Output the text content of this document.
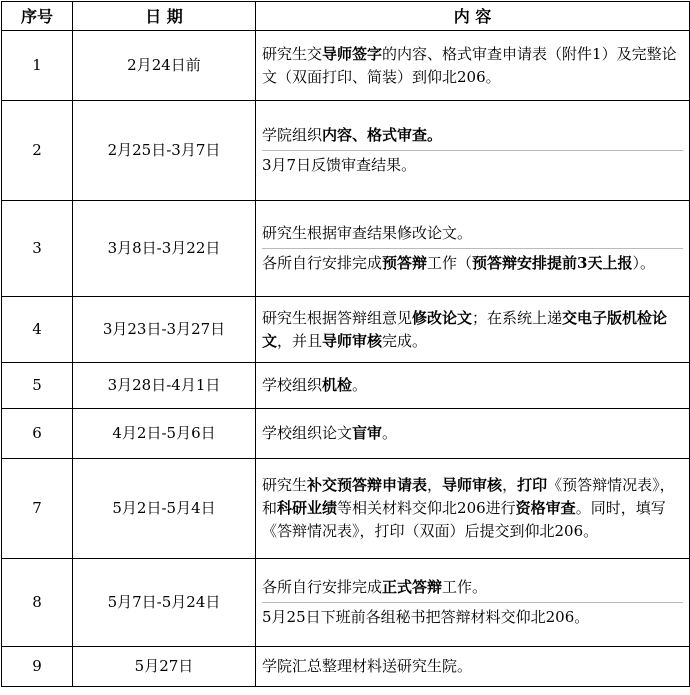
序号	日 期	内 容
1	2月24日前	研究生交导师签字的内容、格式审查申请表（附件1）及完整论文（双面打印、简装）到仰北206。

2	2月25日-3月7日	学院组织内容、格式审查。
3月7日反馈审查结果。

3	3月8日-3月22日	研究生根据审查结果修改论文。
各所自行安排完成预答辩工作（预答辩安排提前3天上报）。

4	3月23日-3月27日	研究生根据答辩组意见修改论文；在系统上递交电子版机检论文，并且导师审核完成。

5	3月28日-4月1日	学校组织机检。

6	4月2日-5月6日	学校组织论文盲审。

7	5月2日-5月4日	研究生补交预答辩申请表，导师审核，打印《预答辩情况表》，和科研业绩等相关材料交仰北206进行资格审查。同时，填写《答辩情况表》，打印（双面）后提交到仰北206。

8	5月7日-5月24日	各所自行安排完成正式答辩工作。
5月25日下班前各组秘书把答辩材料交仰北206。

9	5月27日	学院汇总整理材料送研究生院。
